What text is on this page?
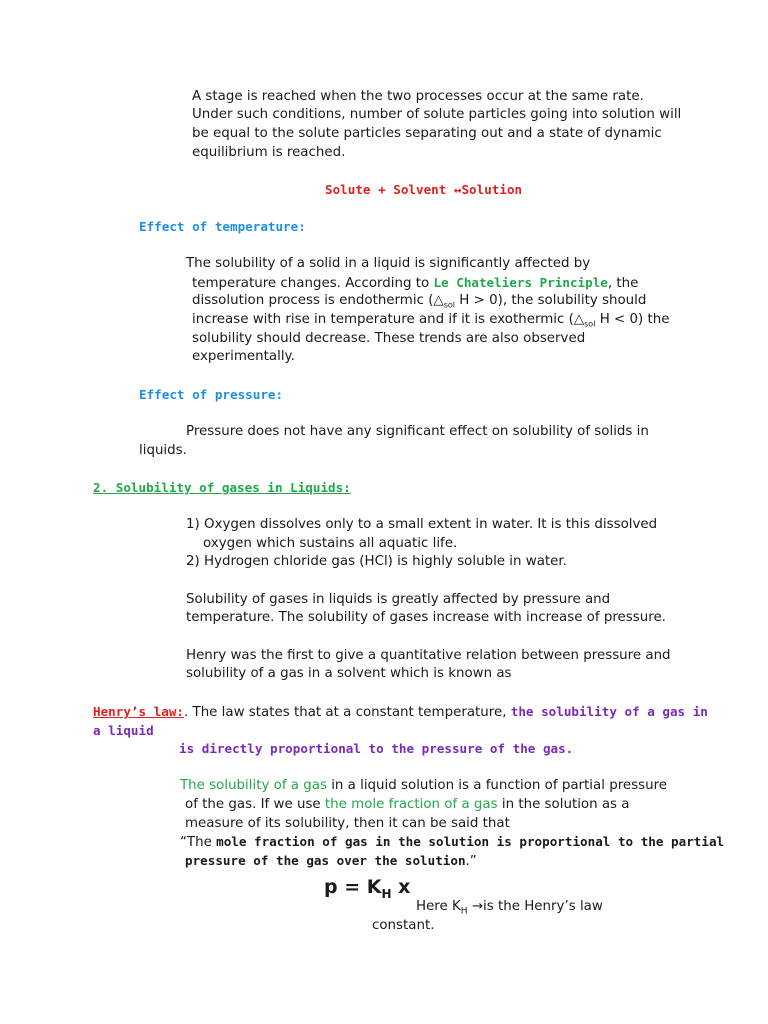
A stage is reached when the two processes occur at the same rate.
Under such conditions, number of solute particles going into solution will
be equal to the solute particles separating out and a state of dynamic
equilibrium is reached.
Solute + Solvent ↔Solution
Effect of temperature:
The solubility of a solid in a liquid is significantly affected by
temperature changes. According to Le Chateliers Principle, the
dissolution process is endothermic ($\triangle_{sol}$ H > 0), the solubility should
increase with rise in temperature and if it is exothermic ($\triangle_{sol}$ H < 0) the
solubility should decrease. These trends are also observed
experimentally.
Effect of pressure:
Pressure does not have any significant effect on solubility of solids in
liquids.
2. Solubility of gases in Liquids:
1) Oxygen dissolves only to a small extent in water. It is this dissolved
oxygen which sustains all aquatic life.
2) Hydrogen chloride gas (HCl) is highly soluble in water.
Solubility of gases in liquids is greatly affected by pressure and
temperature. The solubility of gases increase with increase of pressure.
Henry was the first to give a quantitative relation between pressure and
solubility of a gas in a solvent which is known as
Henry’s law:. The law states that at a constant temperature, the solubility of a gas in
a liquid
is directly proportional to the pressure of the gas.
The solubility of a gas in a liquid solution is a function of partial pressure
of the gas. If we use the mole fraction of a gas in the solution as a
measure of its solubility, then it can be said that
“The mole fraction of gas in the solution is proportional to the partial
pressure of the gas over the solution.”
$p = K_H$ x
Here $K_H \to is$ the Henry’s law
constant.
